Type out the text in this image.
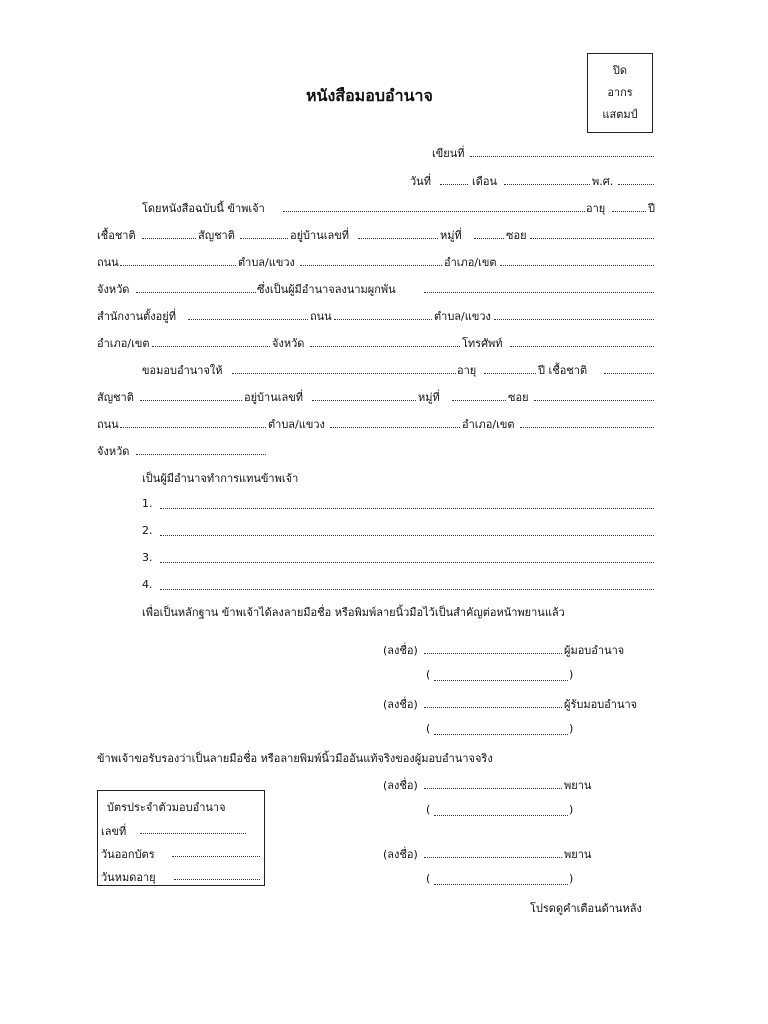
ปิด
อากร
แสตมป์
หนังสือมอบอำนาจ
เขียนที่
วันที่	เดือน	พ.ศ.
โดยหนังสือฉบับนี้ ข้าพเจ้า	อายุ	ปี
เชื้อชาติ	สัญชาติ	อยู่บ้านเลขที่	หมู่ที่	ซอย
ถนน	ตำบล/แขวง	อำเภอ/เขต
จังหวัด	ซึ่งเป็นผู้มีอำนาจลงนามผูกพัน
สำนักงานตั้งอยู่ที่	ถนน	ตำบล/แขวง
อำเภอ/เขต	จังหวัด	โทรศัพท์
ขอมอบอำนาจให้	อายุ	ปี เชื้อชาติ
สัญชาติ	อยู่บ้านเลขที่	หมู่ที่	ซอย
ถนน	ตำบล/แขวง	อำเภอ/เขต
จังหวัด
เป็นผู้มีอำนาจทำการแทนข้าพเจ้า
1.
2.
3.
4.
เพื่อเป็นหลักฐาน ข้าพเจ้าได้ลงลายมือชื่อ หรือพิมพ์ลายนิ้วมือไว้เป็นสำคัญต่อหน้าพยานแล้ว
(ลงชื่อ)	ผู้มอบอำนาจ
(	)
(ลงชื่อ)	ผู้รับมอบอำนาจ
(	)
ข้าพเจ้าขอรับรองว่าเป็นลายมือชื่อ หรือลายพิมพ์นิ้วมืออันแท้จริงของผู้มอบอำนาจจริง
(ลงชื่อ)	พยาน
(	)
(ลงชื่อ)	พยาน
(	)
บัตรประจำตัวมอบอำนาจ
เลขที่
วันออกบัตร
วันหมดอายุ
โปรดดูคำเตือนด้านหลัง
